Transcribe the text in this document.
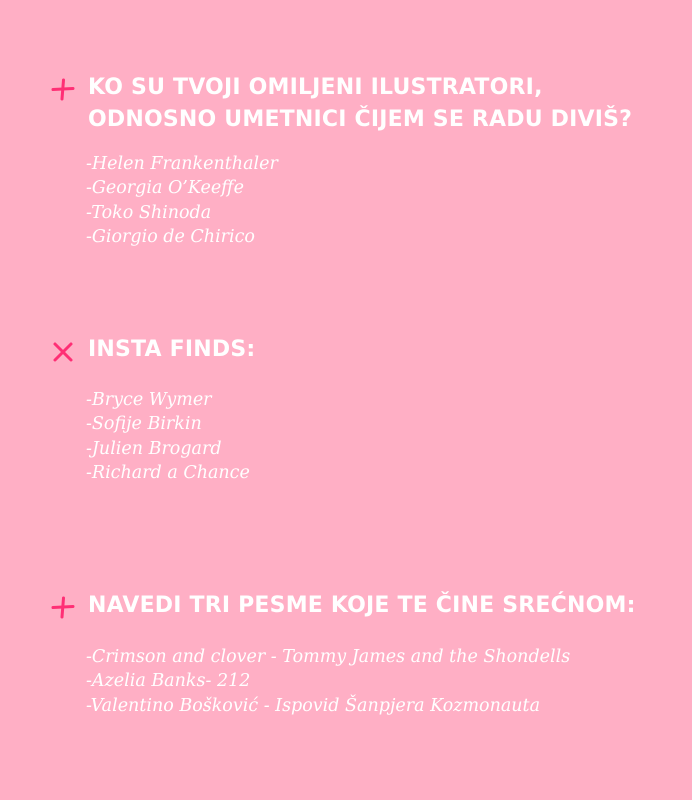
KO SU TVOJI OMILJENI ILUSTRATORI,
ODNOSNO UMETNICI ČIJEM SE RADU DIVIŠ?
-Helen Frankenthaler
-Georgia O’Keeffe
-Toko Shinoda
-Giorgio de Chirico
INSTA FINDS:
-Bryce Wymer
-Sofije Birkin
-Julien Brogard
-Richard a Chance
NAVEDI TRI PESME KOJE TE ČINE SREĆNOM:
-Crimson and clover - Tommy James and the Shondells
-Azelia Banks- 212
-Valentino Bošković - Ispovid Šanpjera Kozmonauta
